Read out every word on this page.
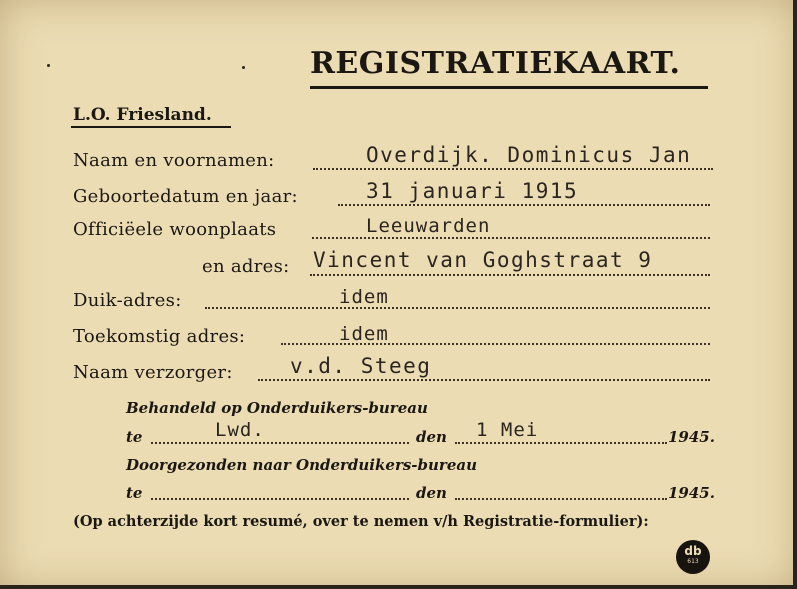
REGISTRATIEKAART.
L.O. Friesland.
Naam en voornamen:	Overdijk. Dominicus Jan
Geboortedatum en jaar:	31 januari 1915
Officiëele woonplaats	Leeuwarden
en adres: Vincent van Goghstraat 9
Duik-adres:	idem
Toekomstig adres:	idem
Naam verzorger:	v.d. Steeg
Behandeld op Onderduikers-bureau
te	Lwd.	den 1 Mei	1945.
Doorgezonden naar Onderduikers-bureau
te	den	1945.
(Op achterzijde kort resumé, over te nemen v/h Registratie-formulier):
db
613
